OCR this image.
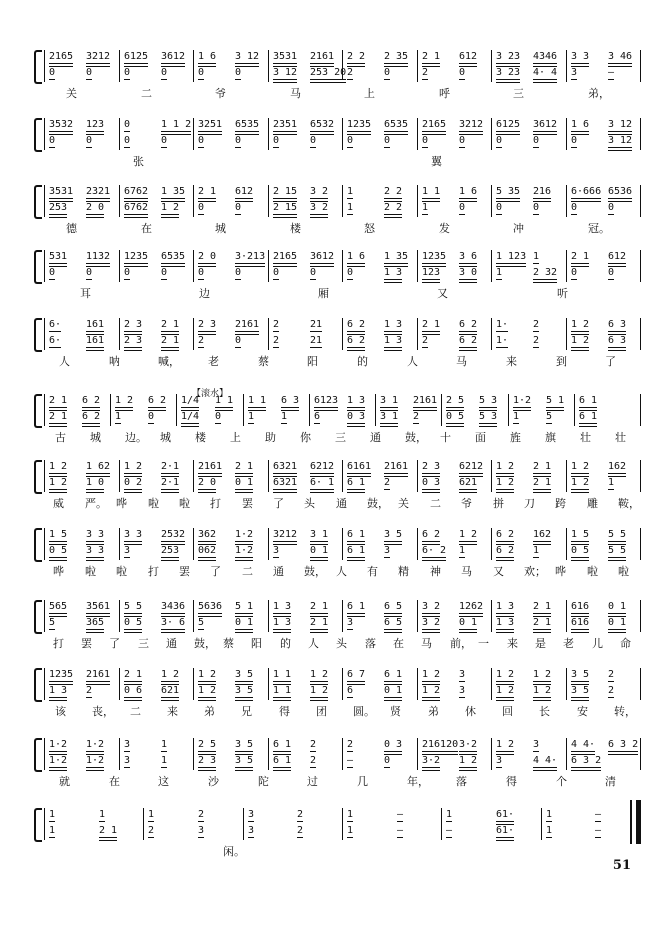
2165 3212 6125 3612 1 6 3 12 3531 2161 2 2 2 35 2 1 612 3 23 4346 3 3 3 46
0	0	0	0	0	0	3 12 253 20 2	0	2	0	3 23 4· 4 3	—
关	二	爷	马	上	呼	三	弟，
3532 123 0	1 1 2 3251 6535 2351 6532 1235 6535 2165 3212 6125 3612 1 6 3 12
0	0	0	0	0	0	0	0	0	0	0	0	0	0	0	3 12
张	翼
3531 2321 6762 1 35 2 1 612 2 15 3 2 1	2 2 1 1 1 6 5 35 216 6·666 6536
253 2 0 6762 1 2 0	0	2 15 3 2 1	2 2 1	0	0	0	0	0
德	在	城	楼	怒	发	冲	冠。
531 1132 1235 6535 2 0 3·213 2165 3612 1 6 1 35 1235 3 6 1 123 1	2 1 612
0	0	0	0	0	0	0	0	0	1 3 123 3 0 1	2 32 0	0
耳	边	厢	又	听
6· 161 2 3 2 1 2 3 2161 2	21 6 2 1 3 2 1 6 2 1· 2	1 2 6 3
6· 161 2 3 2 1 2	0	2	21 6 2 1 3 2	6 2 1· 2	1 2 6 3
人	呐	喊，	老	蔡	阳	的	人	马	来	到	了
2 1 6 2 1 2 6 2 1/4 1 1 1 1 6 3 6123 1 3 3 1 2161 2 5 5 3 1·2 5 1 6 1
2 1 6 2 1	0	1/4 0	1	1	6	0 3 3 1 2	0 5 5 3 1	5	6 1
古 城 边。 城 楼 上 助 你 三 通 鼓， 十 面 旌 旗 壮 壮
1 2 1 62 1 2 2·1 2161 2 1 6321 6212 6161 2161 2 3 6212 1 2 2 1 1 2 162
1 2 1 0 0 2 2·1 2 0 0 1 6321 6· 1 6 1 2	0 3 621 1 2 2 1 1 2 1
威 严。 哗 啦 啦 打 罢 了 头 通 鼓， 关 二 爷 拼 刀 跨 雕 鞍，
1 5 3 3 3 3 2532 362 1·2 3212 3 1 6 1 3 5 6 2 1 2 6 2 162 1 5 5 5
0 5 3 3 3	253 062 1·2 3	0 1 6 1 3	6· 2 1	6 2 1	0 5 5 5
哗 啦 啦 打 罢 了 二 通 鼓， 人 有 精 神 马 又 欢； 哗 啦 啦
565 3561 5 5 3436 5636 5 1 1 3 2 1 6 1 6 5 3 2 1262 1 3 2 1 616 0 1
5	365 0 5 3· 6 5	0 1 1 3 2 1 3	6 5 3 2 0 1 1 3 2 1 616 0 1
打 罢 了 三 通 鼓， 蔡 阳 的 人 头 落 在 马 前， 一 来 是 老 儿 命
1235 2161 2 1 1 2 1 2 3 5 1 1 1 2 6 7 6 1 1 2 3	1 2 1 2 3 5 2
1 3 2	0 6 621 1 2 3 5 1 1 1 2 6	0 1 1 2 3	1 2 1 2 3 5 2
该 丧， 二 来 弟 兄 得 团 圆。 贤 弟 休 回 长 安 转，
1·2 1·2 3	1	2 5 3 5 6 1 2	2	0 3 216120 3·2 1 2 3	4 4· 6 3 2
1·2 1·2 3	1	2 3 3 5 6 1 2	—	0	3·2 1 2 3	4 4· 6 3 2
就	在	这	沙	陀	过	几	年， 落	得	个	清
1	1	1	2	3	2	1	—	1	61·	1	—
1	2 1	2	3	3	2	1	—	—	61·	1	—
闲。
【滚水】
51
